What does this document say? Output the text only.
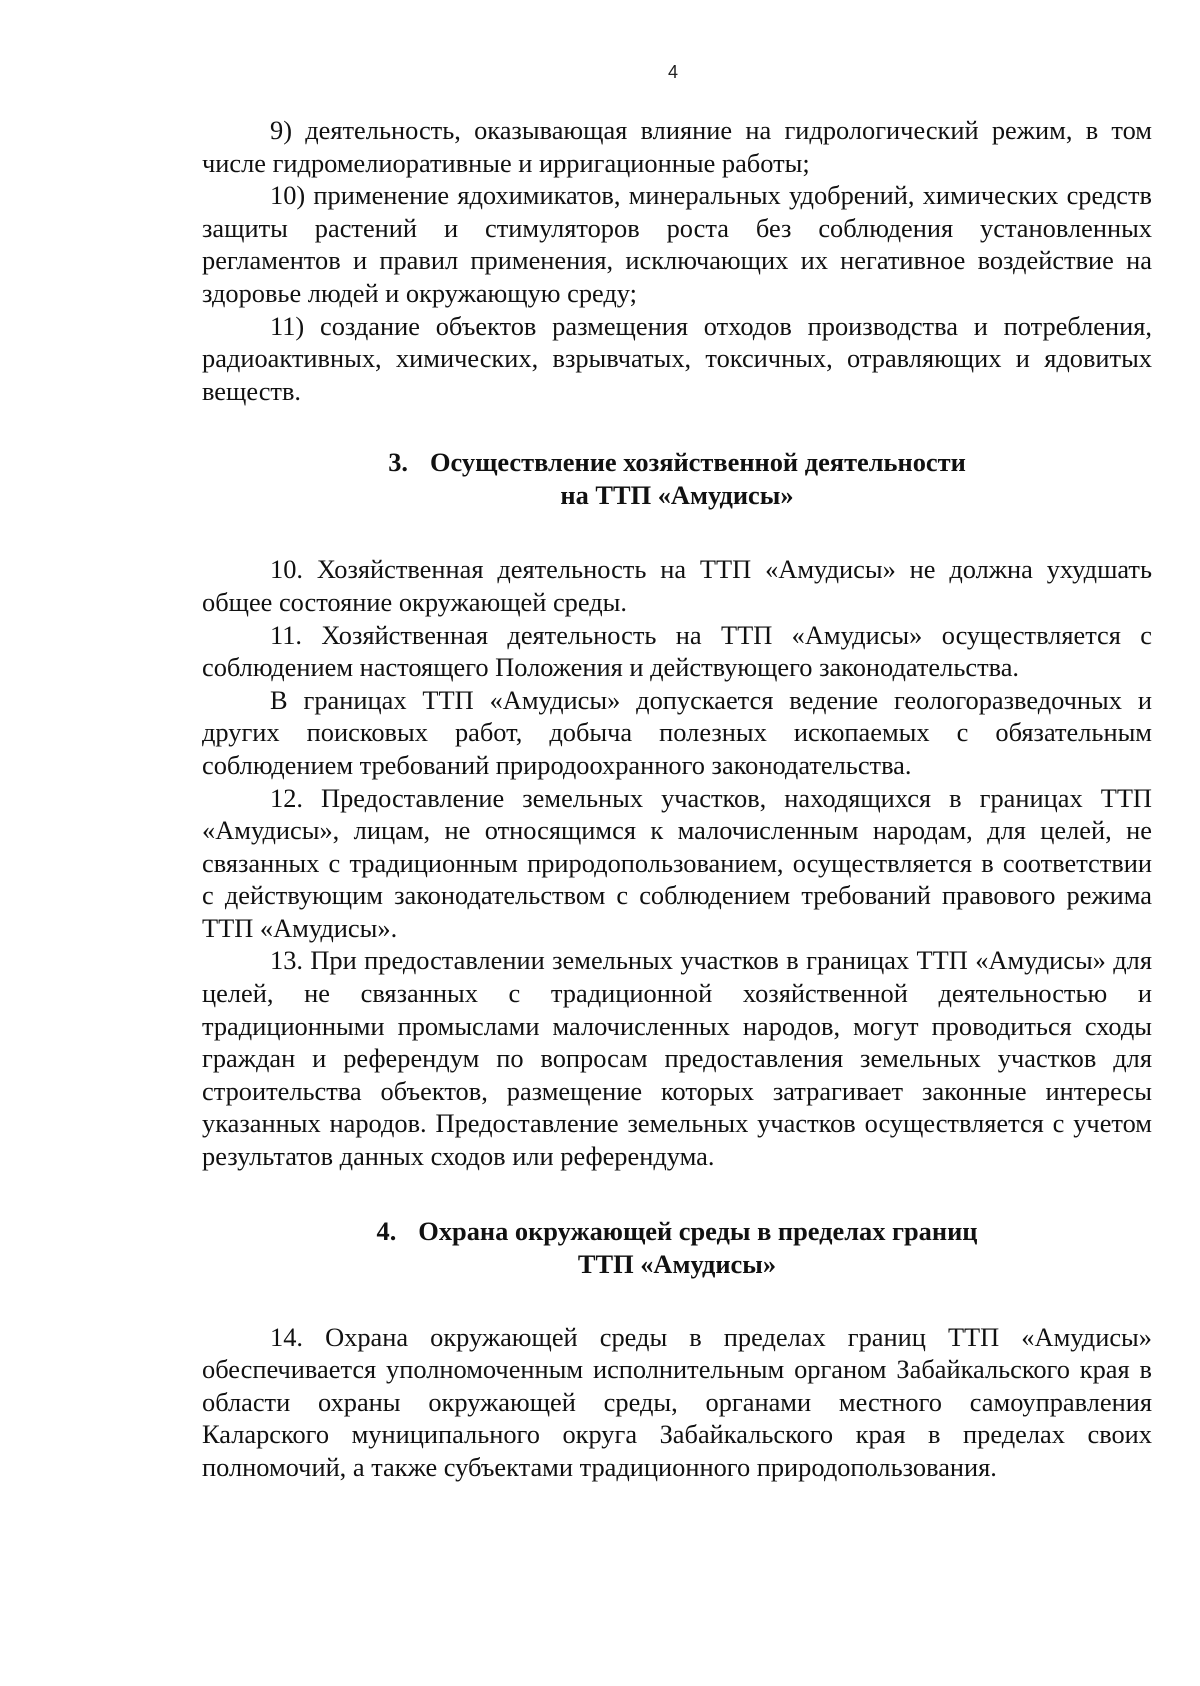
4

9) деятельность, оказывающая влияние на гидрологический режим, в том числе гидромелиоративные и ирригационные работы;

10) применение ядохимикатов, минеральных удобрений, химических средств защиты растений и стимуляторов роста без соблюдения установленных регламентов и правил применения, исключающих их негативное воздействие на здоровье людей и окружающую среду;

11) создание объектов размещения отходов производства и потребления, радиоактивных, химических, взрывчатых, токсичных, отравляющих и ядовитых веществ.

3. Осуществление хозяйственной деятельности
на ТТП «Амудисы»

10. Хозяйственная деятельность на ТТП «Амудисы» не должна ухудшать общее состояние окружающей среды.

11. Хозяйственная деятельность на ТТП «Амудисы» осуществляется с соблюдением настоящего Положения и действующего законодательства.

В границах ТТП «Амудисы» допускается ведение геологоразведочных и других поисковых работ, добыча полезных ископаемых с обязательным соблюдением требований природоохранного законодательства.

12. Предоставление земельных участков, находящихся в границах ТТП «Амудисы», лицам, не относящимся к малочисленным народам, для целей, не связанных с традиционным природопользованием, осуществляется в соответствии с действующим законодательством с соблюдением требований правового режима ТТП «Амудисы».

13. При предоставлении земельных участков в границах ТТП «Амудисы» для целей, не связанных с традиционной хозяйственной деятельностью и традиционными промыслами малочисленных народов, могут проводиться сходы граждан и референдум по вопросам предоставления земельных участков для строительства объектов, размещение которых затрагивает законные интересы указанных народов. Предоставление земельных участков осуществляется с учетом результатов данных сходов или референдума.

4. Охрана окружающей среды в пределах границ
ТТП «Амудисы»

14. Охрана окружающей среды в пределах границ ТТП «Амудисы» обеспечивается уполномоченным исполнительным органом Забайкальского края в области охраны окружающей среды, органами местного самоуправления Каларского муниципального округа Забайкальского края в пределах своих полномочий, а также субъектами традиционного природопользования.
